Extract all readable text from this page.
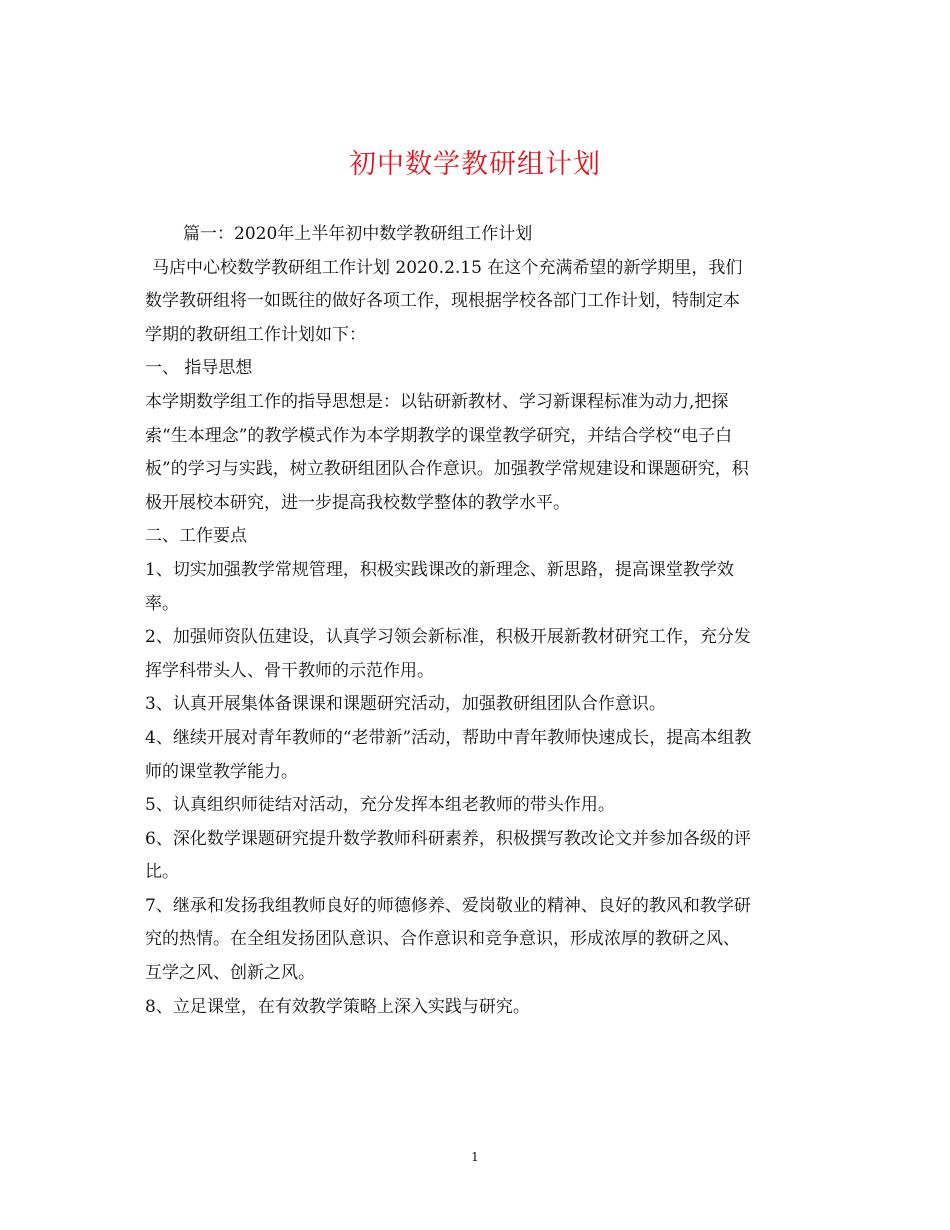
初中数学教研组计划
篇一：2020年上半年初中数学教研组工作计划
马店中心校数学教研组工作计划 2020.2.15 在这个充满希望的新学期里，我们
数学教研组将一如既往的做好各项工作，现根据学校各部门工作计划，特制定本
学期的教研组工作计划如下：
一、 指导思想
本学期数学组工作的指导思想是：以钻研新教材、学习新课程标准为动力,把探
索“生本理念”的教学模式作为本学期教学的课堂教学研究，并结合学校“电子白
板”的学习与实践，树立教研组团队合作意识。加强教学常规建设和课题研究，积
极开展校本研究，进一步提高我校数学整体的教学水平。
二、工作要点
1、切实加强教学常规管理，积极实践课改的新理念、新思路，提高课堂教学效
率。
2、加强师资队伍建设，认真学习领会新标准，积极开展新教材研究工作，充分发
挥学科带头人、骨干教师的示范作用。
3、认真开展集体备课课和课题研究活动，加强教研组团队合作意识。
4、继续开展对青年教师的“老带新”活动，帮助中青年教师快速成长，提高本组教
师的课堂教学能力。
5、认真组织师徒结对活动，充分发挥本组老教师的带头作用。
6、深化数学课题研究提升数学教师科研素养，积极撰写教改论文并参加各级的评
比。
7、继承和发扬我组教师良好的师德修养、爱岗敬业的精神、良好的教风和教学研
究的热情。在全组发扬团队意识、合作意识和竞争意识，形成浓厚的教研之风、
互学之风、创新之风。
8、立足课堂，在有效教学策略上深入实践与研究。
1
